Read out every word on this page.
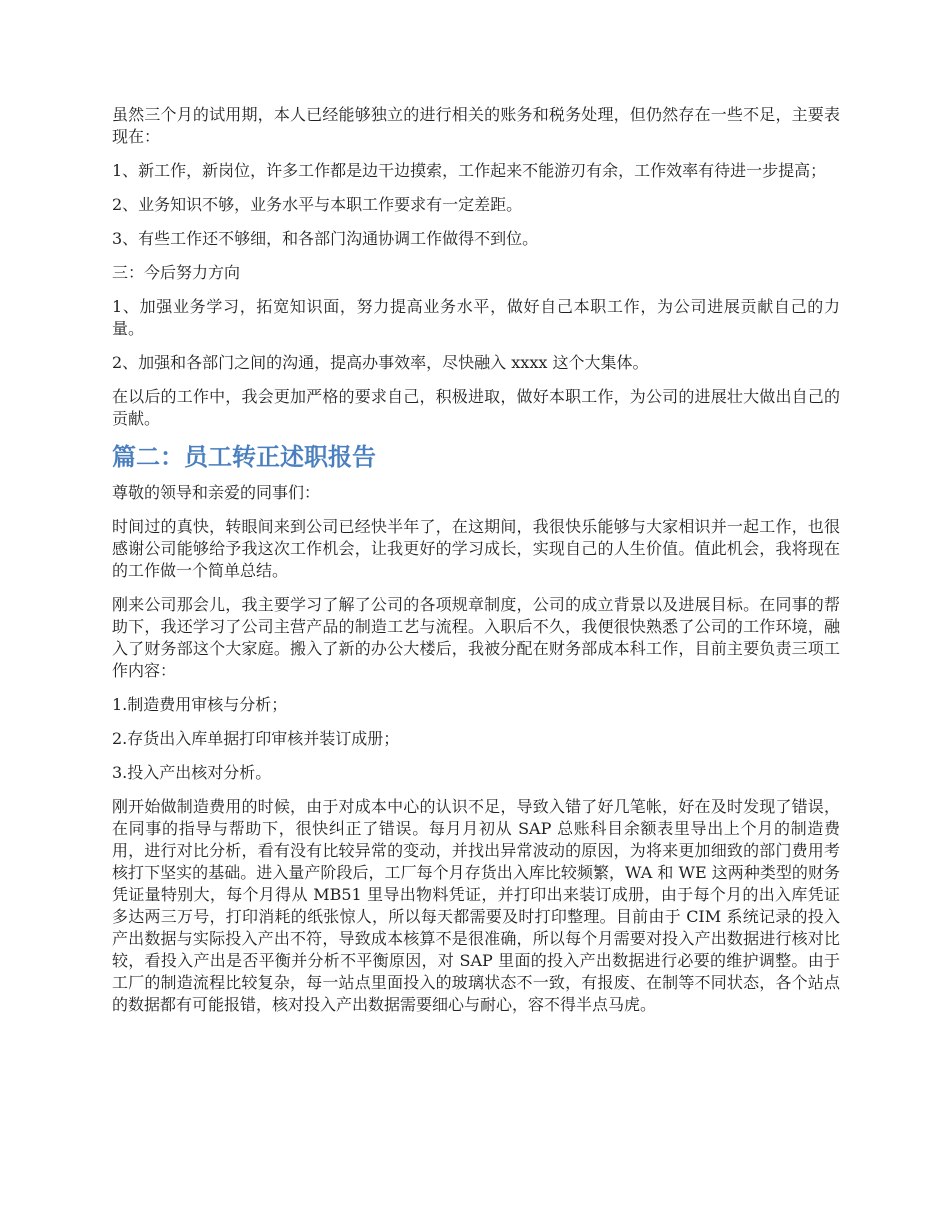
虽然三个月的试用期，本人已经能够独立的进行相关的账务和税务处理，但仍然存在一些不足，主要表现在：

1、新工作，新岗位，许多工作都是边干边摸索，工作起来不能游刃有余，工作效率有待进一步提高；

2、业务知识不够，业务水平与本职工作要求有一定差距。

3、有些工作还不够细，和各部门沟通协调工作做得不到位。

三：今后努力方向

1、加强业务学习，拓宽知识面，努力提高业务水平，做好自己本职工作，为公司进展贡献自己的力量。

2、加强和各部门之间的沟通，提高办事效率，尽快融入 xxxx 这个大集体。

在以后的工作中，我会更加严格的要求自己，积极进取，做好本职工作，为公司的进展壮大做出自己的贡献。

篇二：员工转正述职报告

尊敬的领导和亲爱的同事们：

时间过的真快，转眼间来到公司已经快半年了，在这期间，我很快乐能够与大家相识并一起工作，也很感谢公司能够给予我这次工作机会，让我更好的学习成长，实现自己的人生价值。值此机会，我将现在的工作做一个简单总结。

刚来公司那会儿，我主要学习了解了公司的各项规章制度，公司的成立背景以及进展目标。在同事的帮助下，我还学习了公司主营产品的制造工艺与流程。入职后不久，我便很快熟悉了公司的工作环境，融入了财务部这个大家庭。搬入了新的办公大楼后，我被分配在财务部成本科工作，目前主要负责三项工作内容：

1.制造费用审核与分析；

2.存货出入库单据打印审核并装订成册；

3.投入产出核对分析。

刚开始做制造费用的时候，由于对成本中心的认识不足，导致入错了好几笔帐，好在及时发现了错误，在同事的指导与帮助下，很快纠正了错误。每月月初从 SAP 总账科目余额表里导出上个月的制造费用，进行对比分析，看有没有比较异常的变动，并找出异常波动的原因，为将来更加细致的部门费用考核打下坚实的基础。进入量产阶段后，工厂每个月存货出入库比较频繁，WA 和 WE 这两种类型的财务凭证量特别大，每个月得从 MB51 里导出物料凭证，并打印出来装订成册，由于每个月的出入库凭证多达两三万号，打印消耗的纸张惊人，所以每天都需要及时打印整理。目前由于 CIM 系统记录的投入产出数据与实际投入产出不符，导致成本核算不是很准确，所以每个月需要对投入产出数据进行核对比较，看投入产出是否平衡并分析不平衡原因，对 SAP 里面的投入产出数据进行必要的维护调整。由于工厂的制造流程比较复杂，每一站点里面投入的玻璃状态不一致，有报废、在制等不同状态，各个站点的数据都有可能报错，核对投入产出数据需要细心与耐心，容不得半点马虎。
